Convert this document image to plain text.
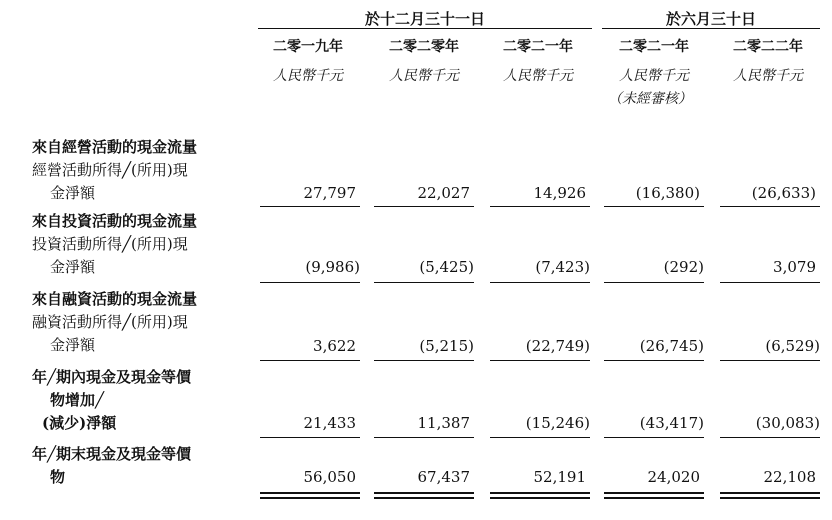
於十二月三十一日	於六月三十日
二零一九年	二零二零年	二零二一年	二零二一年	二零二二年
人民幣千元	人民幣千元	人民幣千元	人民幣千元	人民幣千元
（未經審核）
來自經營活動的現金流量
經營活動所得╱(所用)現
金淨額	27,797	22,027	14,926	(16,380)	(26,633)
來自投資活動的現金流量
投資活動所得╱(所用)現
金淨額	(9,986)	(5,425)	(7,423)	(292)	3,079
來自融資活動的現金流量
融資活動所得╱(所用)現
金淨額	3,622	(5,215)	(22,749)	(26,745)	(6,529)
年╱期內現金及現金等價
物增加╱
(減少)淨額	21,433	11,387	(15,246)	(43,417)	(30,083)
年╱期末現金及現金等價
物	56,050	67,437	52,191	24,020	22,108
